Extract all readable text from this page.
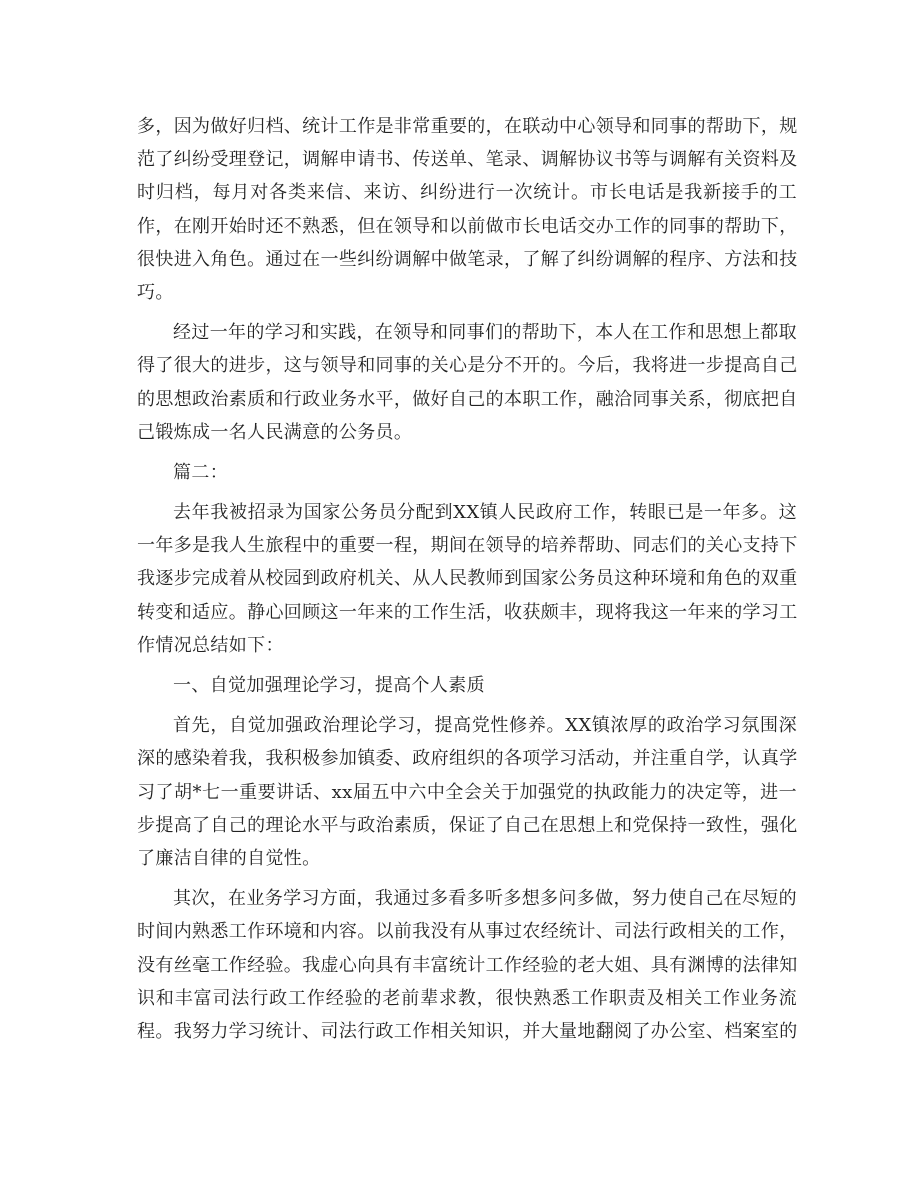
多，因为做好归档、统计工作是非常重要的，在联动中心领导和同事的帮助下，规
范了纠纷受理登记，调解申请书、传送单、笔录、调解协议书等与调解有关资料及
时归档，每月对各类来信、来访、纠纷进行一次统计。市长电话是我新接手的工
作，在刚开始时还不熟悉，但在领导和以前做市长电话交办工作的同事的帮助下，
很快进入角色。通过在一些纠纷调解中做笔录，了解了纠纷调解的程序、方法和技
巧。
经过一年的学习和实践，在领导和同事们的帮助下，本人在工作和思想上都取
得了很大的进步，这与领导和同事的关心是分不开的。今后，我将进一步提高自己
的思想政治素质和行政业务水平，做好自己的本职工作，融洽同事关系，彻底把自
己锻炼成一名人民满意的公务员。
篇二：
去年我被招录为国家公务员分配到XX镇人民政府工作，转眼已是一年多。这
一年多是我人生旅程中的重要一程，期间在领导的培养帮助、同志们的关心支持下
我逐步完成着从校园到政府机关、从人民教师到国家公务员这种环境和角色的双重
转变和适应。静心回顾这一年来的工作生活，收获颇丰，现将我这一年来的学习工
作情况总结如下：
一、自觉加强理论学习，提高个人素质
首先，自觉加强政治理论学习，提高党性修养。XX镇浓厚的政治学习氛围深
深的感染着我，我积极参加镇委、政府组织的各项学习活动，并注重自学，认真学
习了胡*七一重要讲话、xx届五中六中全会关于加强党的执政能力的决定等，进一
步提高了自己的理论水平与政治素质，保证了自己在思想上和党保持一致性，强化
了廉洁自律的自觉性。
其次，在业务学习方面，我通过多看多听多想多问多做，努力使自己在尽短的
时间内熟悉工作环境和内容。以前我没有从事过农经统计、司法行政相关的工作，
没有丝毫工作经验。我虚心向具有丰富统计工作经验的老大姐、具有渊博的法律知
识和丰富司法行政工作经验的老前辈求教，很快熟悉工作职责及相关工作业务流
程。我努力学习统计、司法行政工作相关知识，并大量地翻阅了办公室、档案室的
